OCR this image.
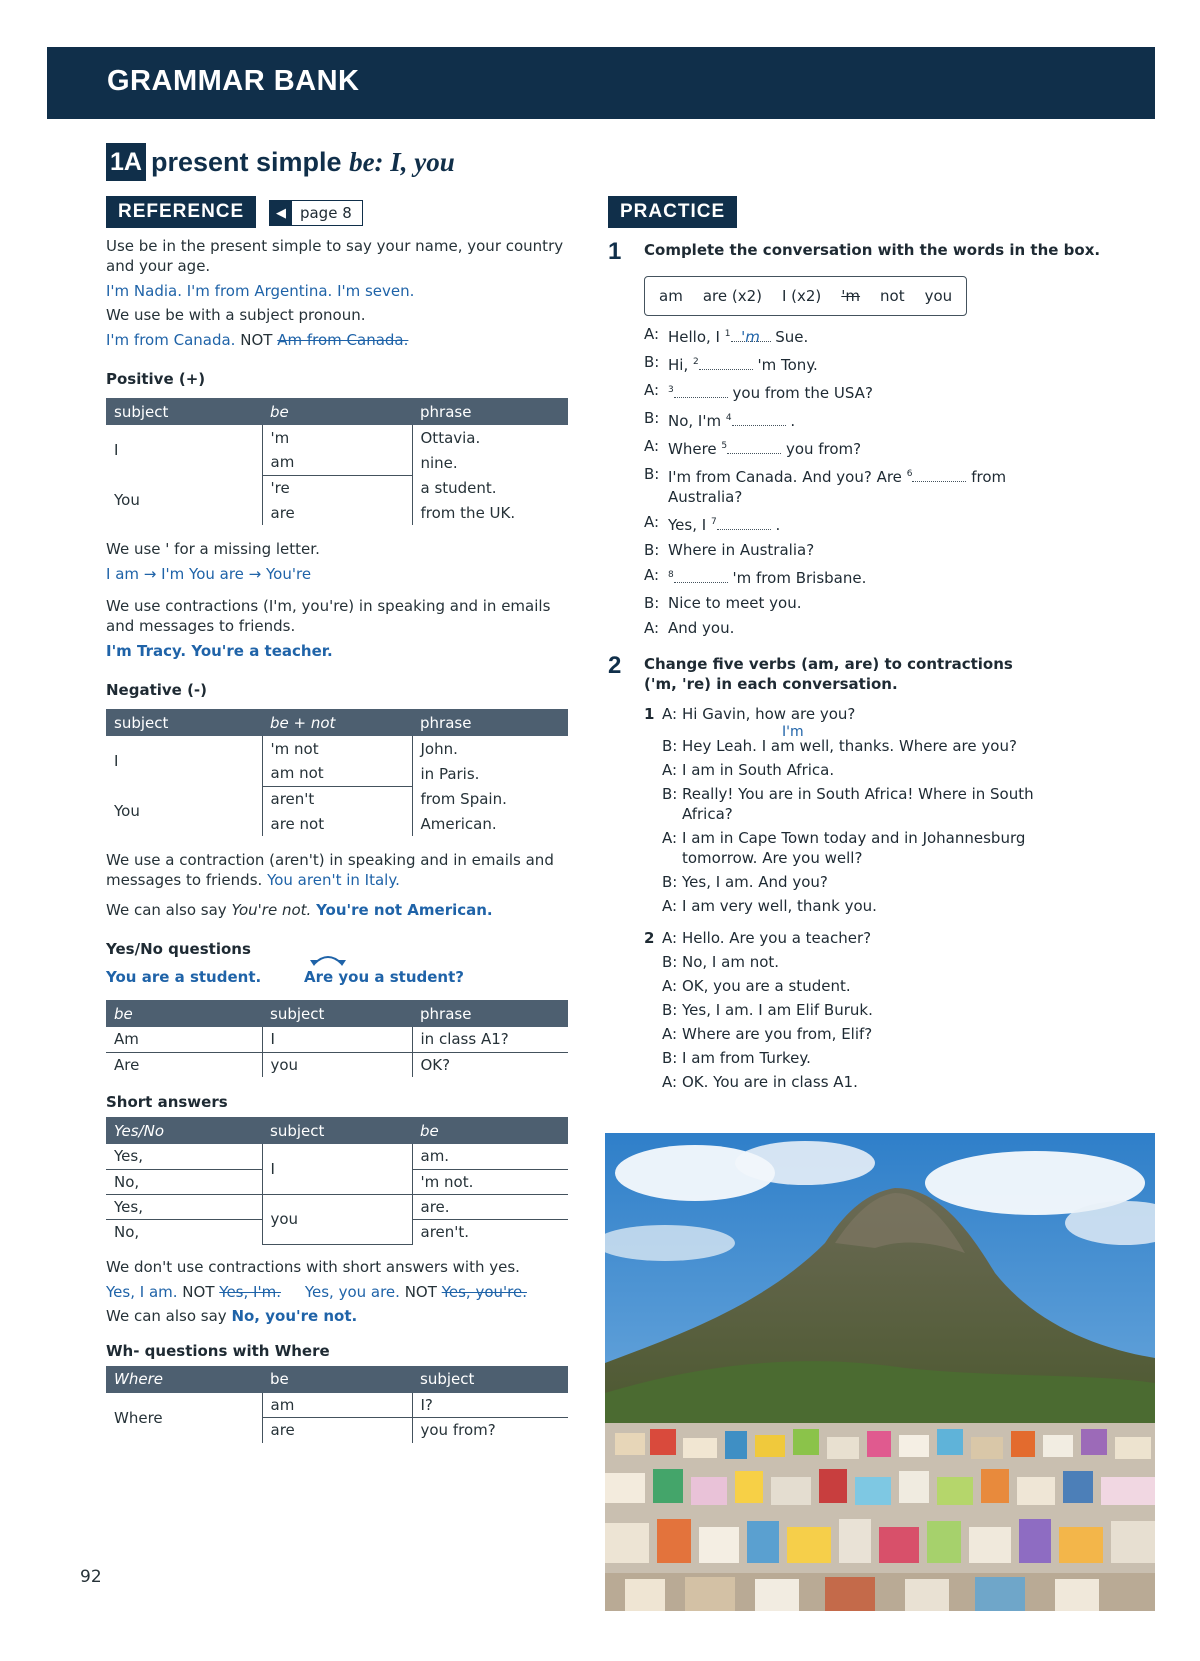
GRAMMAR BANK
1A present simple be: I, you
REFERENCE	◀ page 8

Use be in the present simple to say your name, your country and your age.

I'm Nadia. I'm from Argentina. I'm seven.

We use be with a subject pronoun.

I'm from Canada. NOT Am from Canada.

Positive (+)
subject	be	phrase
I	'm	Ottavia.
	am	nine.
You	're	a student.
	are	from the UK.

We use ' for a missing letter.

I am → I'm You are → You're

We use contractions (I'm, you're) in speaking and in emails and messages to friends.

I'm Tracy. You're a teacher.

Negative (-)
subject	be + not	phrase
I	'm not	John.
	am not	in Paris.
You	aren't	from Spain.
	are not	American.

We use a contraction (aren't) in speaking and in emails and messages to friends. You aren't in Italy.

We can also say You're not. You're not American.

Yes/No questions
You are a student.	Are you a student?
be	subject	phrase
Am	I	in class A1?
Are	you	OK?
Short answers
Yes/No	subject	be
Yes,	I	am.
No,		'm not.
Yes,	you	are.
No,		aren't.

We don't use contractions with short answers with yes.

Yes, I am. NOT Yes, I'm. Yes, you are. NOT Yes, you're.

We can also say No, you're not.

Wh- questions with Where
Where	be	subject
Where	am	I?
	are	you from?
PRACTICE
1	Complete the conversation with the words in the box.
am are (x2) I (x2) 'm not you
A: Hello, I $^1$ 'm Sue.
B: Hi, $^2$	'm Tony.
A: $^3$	you from the USA?
B: No, I'm $^4$	.
A: Where $^5$	you from?
B: I'm from Canada. And you? Are $^6$	from Australia?
A: Yes, I $^7$	.
B: Where in Australia?
A: $^8$	'm from Brisbane.
B: Nice to meet you.
A: And you.
2	Change five verbs (am, are) to contractions ('m, 're) in each conversation.
1 A: Hi Gavin, how are you?
B:
I'm
Hey Leah. I am well, thanks. Where are you?
A: I am in South Africa.
B: Really! You are in South Africa! Where in South Africa?
A: I am in Cape Town today and in Johannesburg tomorrow. Are you well?
B: Yes, I am. And you?
A: I am very well, thank you.
2 A: Hello. Are you a teacher?
B: No, I am not.
A: OK, you are a student.
B: Yes, I am. I am Elif Buruk.
A: Where are you from, Elif?
B: I am from Turkey.
A: OK. You are in class A1.
92
